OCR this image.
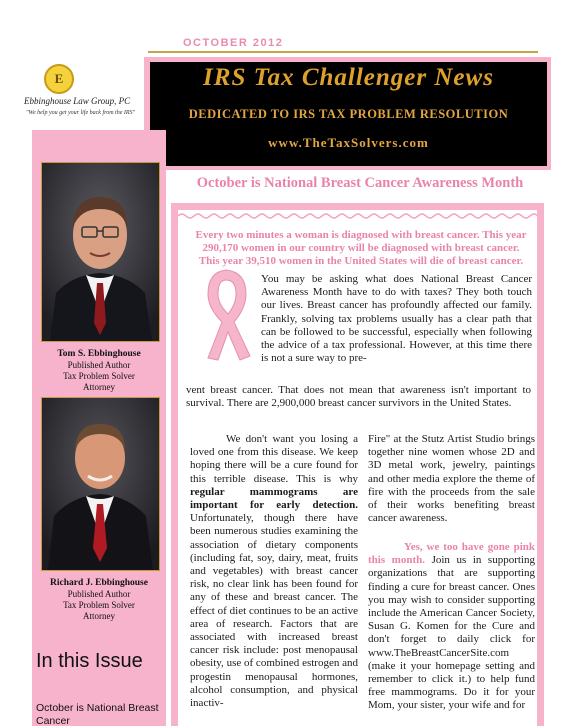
OCTOBER 2012
E
Ebbinghouse Law Group, PC
"We help you get your life back from the IRS"
IRS Tax Challenger News
DEDICATED TO IRS TAX PROBLEM RESOLUTION
www.TheTaxSolvers.com
Tom S. Ebbinghouse
Published Author
Tax Problem Solver
Attorney
Richard J. Ebbinghouse
Published Author
Tax Problem Solver
Attorney
In this Issue
October is National Breast Cancer
October is National Breast Cancer Awareness Month
Every two minutes a woman is diagnosed with breast cancer. This year 290,170 women in our country will be diagnosed with breast cancer. This year 39,510 women in the United States will die of breast cancer.
You may be asking what does National Breast Cancer Awareness Month have to do with taxes? They both touch our lives. Breast cancer has profoundly affected our family. Frankly, solving tax problems usually has a clear path that can be followed to be successful, especially when following the advice of a tax professional. However, at this time there is not a sure way to pre-
vent breast cancer. That does not mean that awareness isn't important to survival. There are 2,900,000 breast cancer survivors in the United States.
We don't want you losing a loved one from this disease. We keep hoping there will be a cure found for this terrible disease. This is why regular mammograms are important for early detection. Unfortunately, though there have been numerous studies examining the association of dietary components (including fat, soy, dairy, meat, fruits and vegetables) with breast cancer risk, no clear link has been found for any of these and breast cancer. The effect of diet continues to be an active area of research. Factors that are associated with increased breast cancer risk include: post menopausal obesity, use of combined estrogen and progestin menopausal hormones, alcohol consumption, and physical inactiv-
Fire" at the Stutz Artist Studio brings together nine women whose 2D and 3D metal work, jewelry, paintings and other media explore the theme of fire with the proceeds from the sale of their works benefiting breast cancer awareness.
Yes, we too have gone pink this month. Join us in supporting organizations that are supporting finding a cure for breast cancer. Ones you may wish to consider supporting include the American Cancer Society, Susan G. Komen for the Cure and don't forget to daily click for www.TheBreastCancerSite.com (make it your homepage setting and remember to click it.) to help fund free mammograms. Do it for your Mom, your sister, your wife and for
